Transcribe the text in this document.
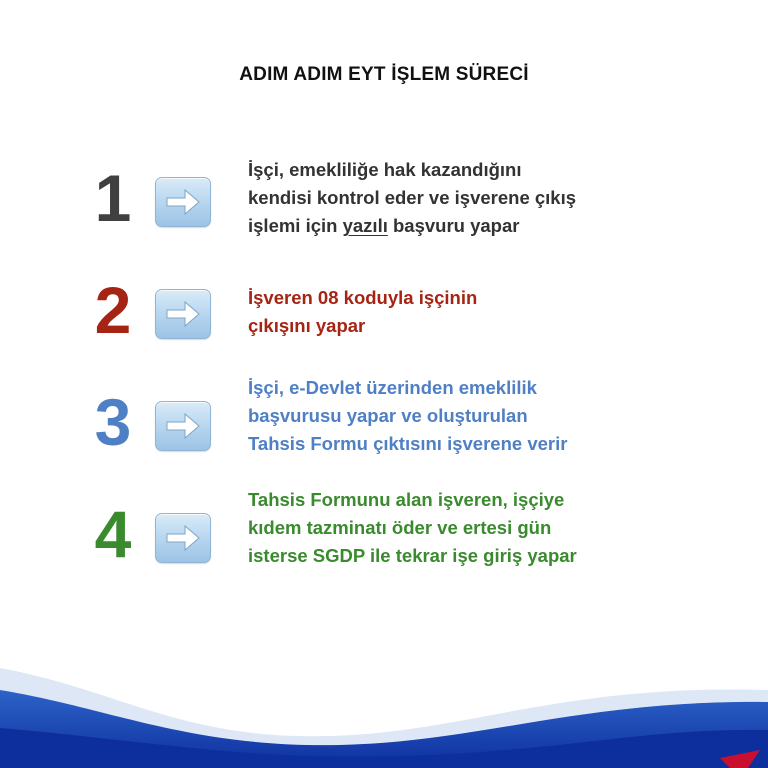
ADIM ADIM EYT İŞLEM SÜRECİ
1	İşçi, emekliliğe hak kazandığını
kendisi kontrol eder ve işverene çıkış
işlemi için yazılı başvuru yapar
2	İşveren 08 koduyla işçinin
çıkışını yapar
3	İşçi, e-Devlet üzerinden emeklilik
başvurusu yapar ve oluşturulan
Tahsis Formu çıktısını işverene verir
4	Tahsis Formunu alan işveren, işçiye
kıdem tazminatı öder ve ertesi gün
isterse SGDP ile tekrar işe giriş yapar
